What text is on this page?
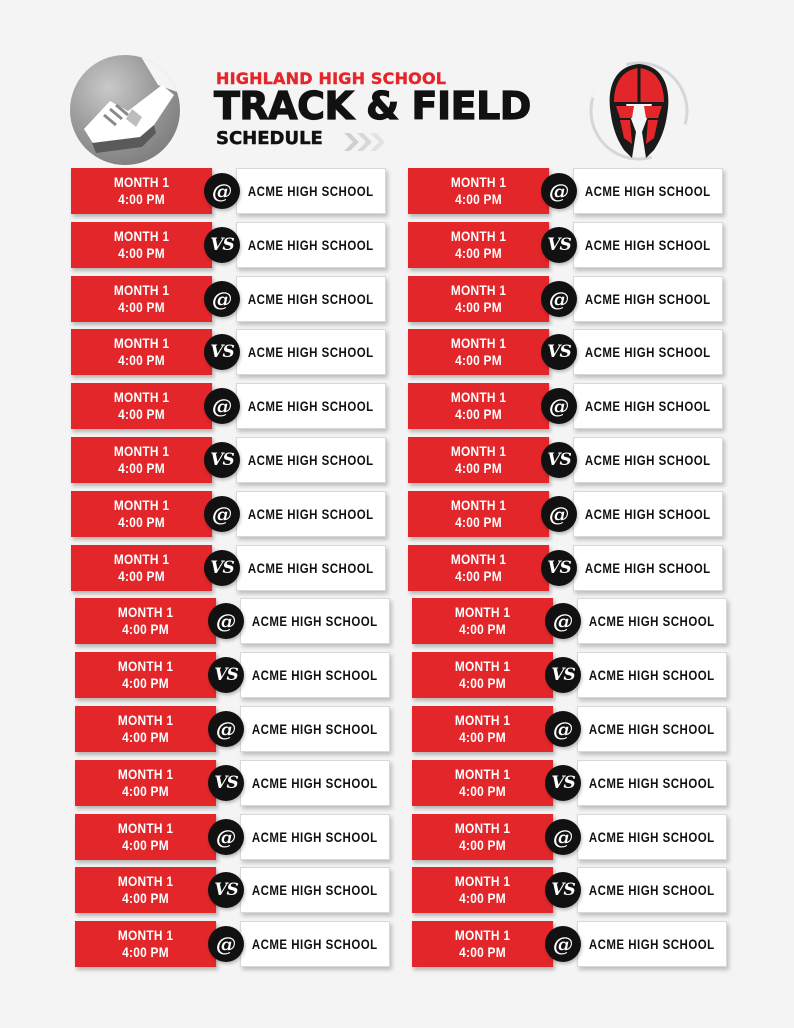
HIGHLAND HIGH SCHOOL
TRACK & FIELD
SCHEDULE
MONTH 1
4:00 PM	ACME HIGH SCHOOL
@
MONTH 1
4:00 PM	ACME HIGH SCHOOL
VS
MONTH 1
4:00 PM	ACME HIGH SCHOOL
@
MONTH 1
4:00 PM	ACME HIGH SCHOOL
VS
MONTH 1
4:00 PM	ACME HIGH SCHOOL
@
MONTH 1
4:00 PM	ACME HIGH SCHOOL
VS
MONTH 1
4:00 PM	ACME HIGH SCHOOL
@
MONTH 1
4:00 PM	ACME HIGH SCHOOL
VS
MONTH 1
4:00 PM	ACME HIGH SCHOOL
@
MONTH 1
4:00 PM	ACME HIGH SCHOOL
VS
MONTH 1
4:00 PM	ACME HIGH SCHOOL
@
MONTH 1
4:00 PM	ACME HIGH SCHOOL
VS
MONTH 1
4:00 PM	ACME HIGH SCHOOL
@
MONTH 1
4:00 PM	ACME HIGH SCHOOL
VS
MONTH 1
4:00 PM	ACME HIGH SCHOOL
@
MONTH 1
4:00 PM	ACME HIGH SCHOOL
@
MONTH 1
4:00 PM	ACME HIGH SCHOOL
VS
MONTH 1
4:00 PM	ACME HIGH SCHOOL
@
MONTH 1
4:00 PM	ACME HIGH SCHOOL
VS
MONTH 1
4:00 PM	ACME HIGH SCHOOL
@
MONTH 1
4:00 PM	ACME HIGH SCHOOL
VS
MONTH 1
4:00 PM	ACME HIGH SCHOOL
@
MONTH 1
4:00 PM	ACME HIGH SCHOOL
VS
MONTH 1
4:00 PM	ACME HIGH SCHOOL
@
MONTH 1
4:00 PM	ACME HIGH SCHOOL
VS
MONTH 1
4:00 PM	ACME HIGH SCHOOL
@
MONTH 1
4:00 PM	ACME HIGH SCHOOL
VS
MONTH 1
4:00 PM	ACME HIGH SCHOOL
@
MONTH 1
4:00 PM	ACME HIGH SCHOOL
VS
MONTH 1
4:00 PM	ACME HIGH SCHOOL
@
